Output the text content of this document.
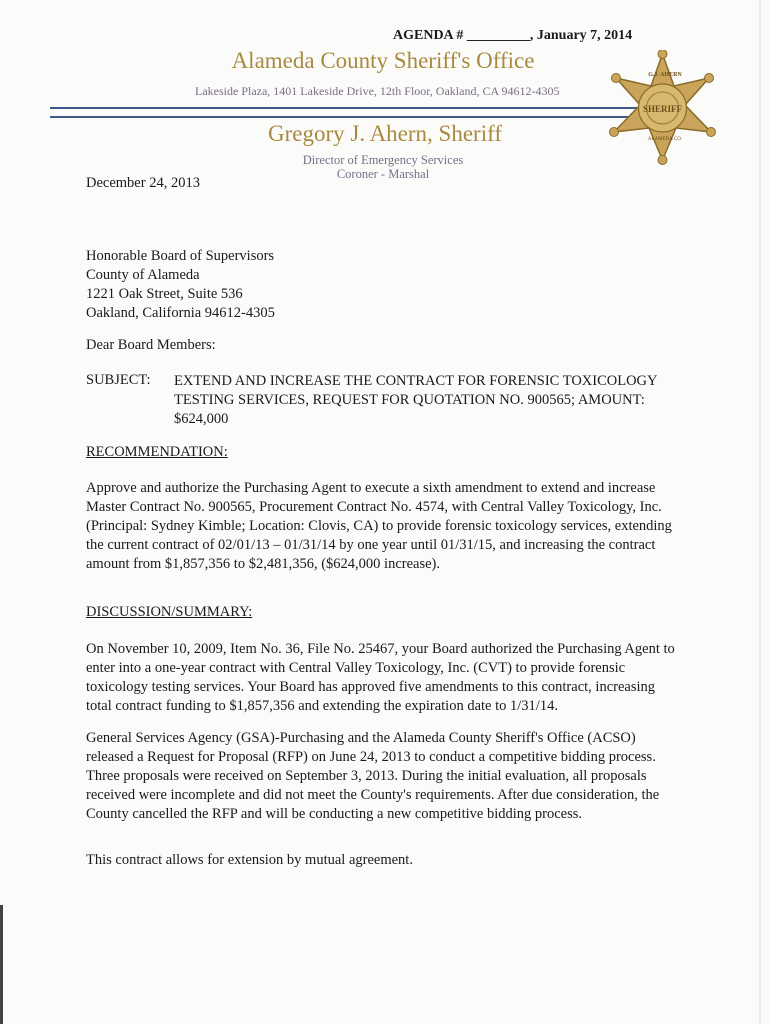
AGENDA # _________, January 7, 2014
Alameda County Sheriff's Office
Lakeside Plaza, 1401 Lakeside Drive, 12th Floor, Oakland, CA 94612-4305
Gregory J. Ahern, Sheriff
Director of Emergency Services
Coroner - Marshal
SHERIFF
G.J. AHERN
ALAMEDA CO.
December 24, 2013
Honorable Board of Supervisors
County of Alameda
1221 Oak Street, Suite 536
Oakland, California 94612-4305
Dear Board Members:
SUBJECT: EXTEND AND INCREASE THE CONTRACT FOR FORENSIC TOXICOLOGY TESTING SERVICES, REQUEST FOR QUOTATION NO. 900565; AMOUNT: $624,000
RECOMMENDATION:
Approve and authorize the Purchasing Agent to execute a sixth amendment to extend and increase Master Contract No. 900565, Procurement Contract No. 4574, with Central Valley Toxicology, Inc. (Principal: Sydney Kimble; Location: Clovis, CA) to provide forensic toxicology services, extending the current contract of 02/01/13 – 01/31/14 by one year until 01/31/15, and increasing the contract amount from $1,857,356 to $2,481,356, ($624,000 increase).
DISCUSSION/SUMMARY:
On November 10, 2009, Item No. 36, File No. 25467, your Board authorized the Purchasing Agent to enter into a one-year contract with Central Valley Toxicology, Inc. (CVT) to provide forensic toxicology testing services. Your Board has approved five amendments to this contract, increasing total contract funding to $1,857,356 and extending the expiration date to 1/31/14.
General Services Agency (GSA)-Purchasing and the Alameda County Sheriff's Office (ACSO) released a Request for Proposal (RFP) on June 24, 2013 to conduct a competitive bidding process. Three proposals were received on September 3, 2013. During the initial evaluation, all proposals received were incomplete and did not meet the County's requirements. After due consideration, the County cancelled the RFP and will be conducting a new competitive bidding process.
This contract allows for extension by mutual agreement.
